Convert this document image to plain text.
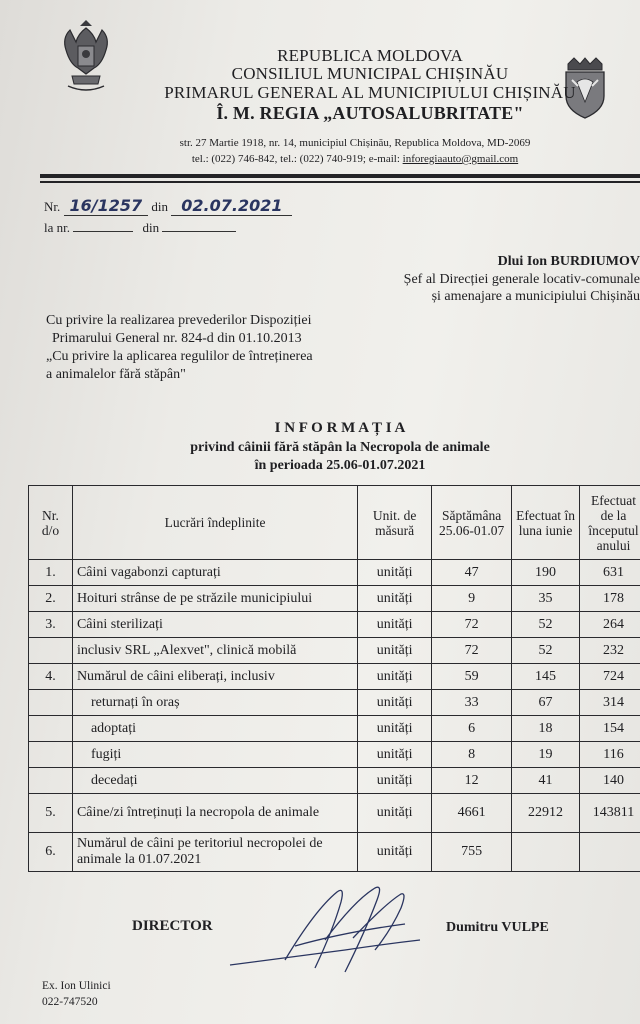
REPUBLICA MOLDOVA
CONSILIUL MUNICIPAL CHIȘINĂU
PRIMARUL GENERAL AL MUNICIPIULUI CHIȘINĂU
Î. M. REGIA „AUTOSALUBRITATE"
str. 27 Martie 1918, nr. 14, municipiul Chișinău, Republica Moldova, MD-2069
tel.: (022) 746-842, tel.: (022) 740-919; e-mail: inforegiaauto@gmail.com
Nr. 16/1257 din 02.07.2021
la nr.	din
Dlui Ion BURDIUMOV
Șef al Direcției generale locativ-comunale
și amenajare a municipiului Chișinău
Cu privire la realizarea prevederilor Dispoziției
Primarului General nr. 824-d din 01.10.2013
„Cu privire la aplicarea regulilor de întreținerea
a animalelor fără stăpân"
I N F O R M A Ț I A
privind câinii fără stăpân la Necropola de animale
în perioada 25.06-01.07.2021
Nr. d/o	Lucrări îndeplinite	Unit. de măsură	Săptămâna 25.06-01.07	Efectuat în luna iunie	Efectuat de la începutul anului
1.	Câini vagabonzi capturați	unități	47	190	631
2.	Hoituri strânse de pe străzile municipiului	unități	9	35	178
3.	Câini sterilizați	unități	72	52	264
	inclusiv SRL „Alexvet", clinică mobilă	unități	72	52	232
4.	Numărul de câini eliberați, inclusiv	unități	59	145	724
	returnați în oraș	unități	33	67	314
	adoptați	unități	6	18	154
	fugiți	unități	8	19	116
	decedați	unități	12	41	140
5.	Câine/zi întreținuți la necropola de animale	unități	4661	22912	143811
6.	Numărul de câini pe teritoriul necropolei de animale la 01.07.2021	unități	755		
DIRECTOR	Dumitru VULPE
Ex. Ion Ulinici
022-747520
